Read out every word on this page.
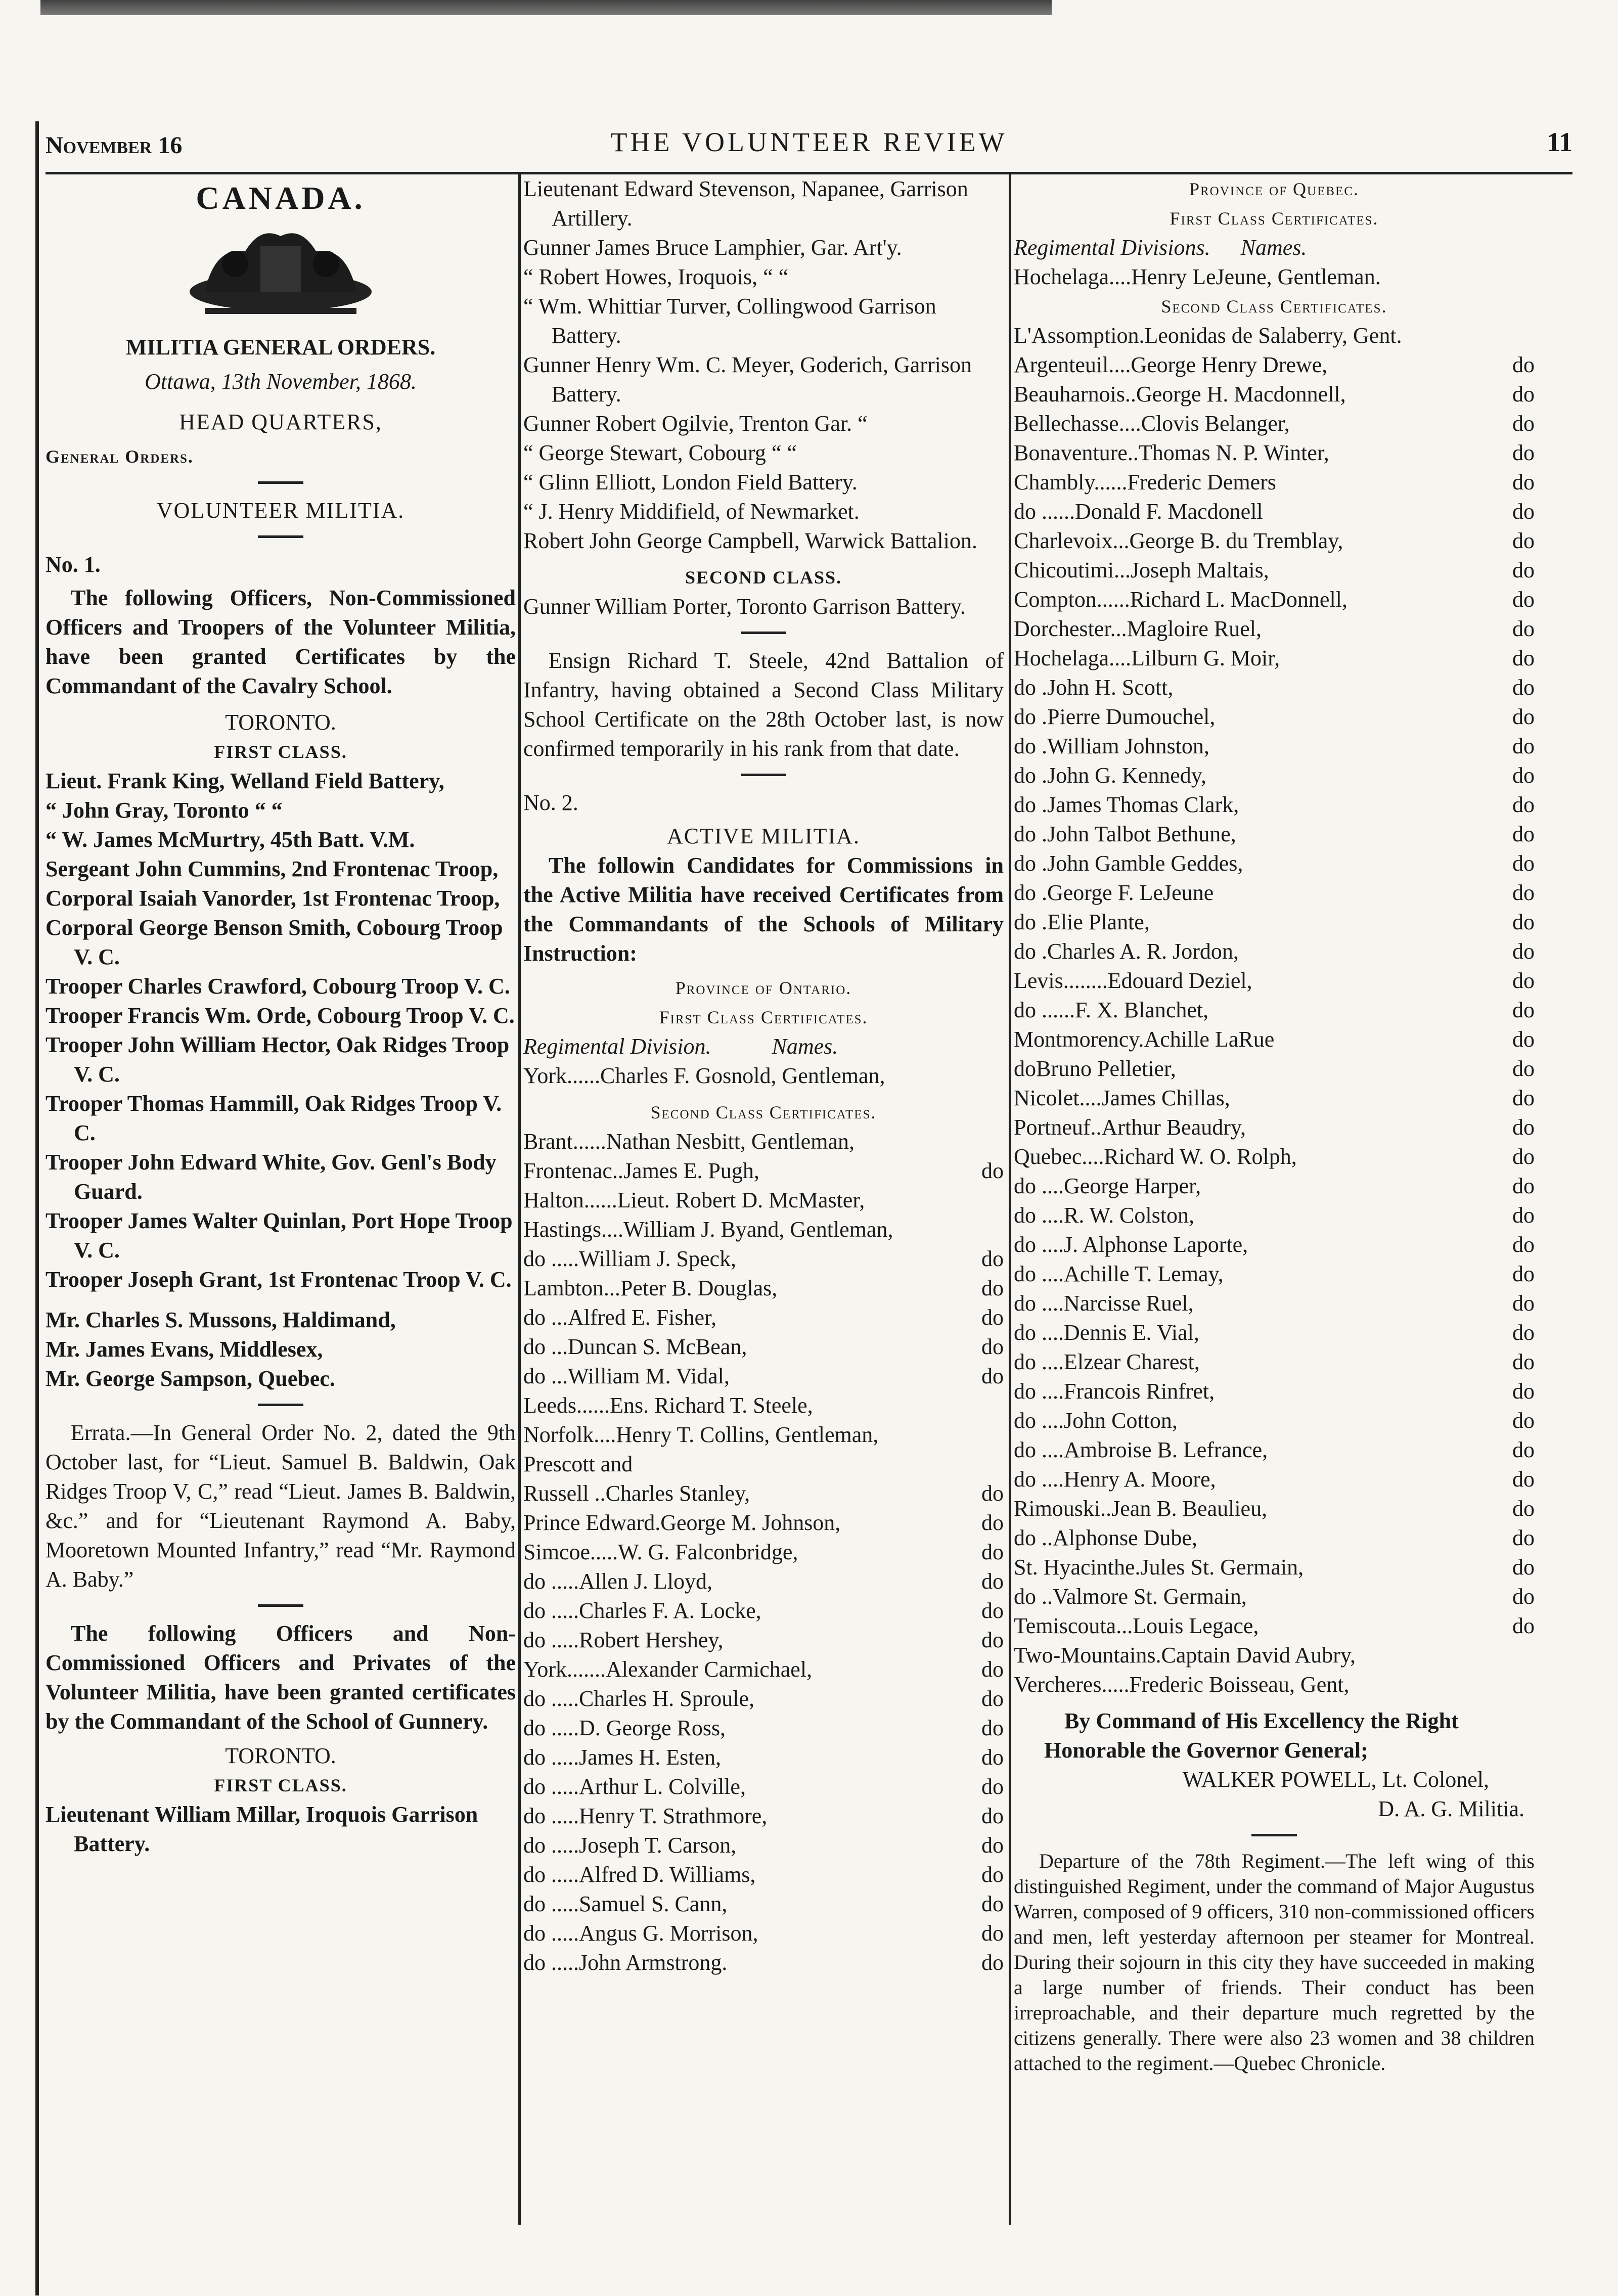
November 16	THE VOLUNTEER REVIEW	11
CANADA.
MILITIA GENERAL ORDERS.
Ottawa, 13th November, 1868.
HEAD QUARTERS,
General Orders.
VOLUNTEER MILITIA.
No. 1.
The following Officers, Non-Commissioned Officers and Troopers of the Volunteer Militia, have been granted Certificates by the Commandant of the Cavalry School.
TORONTO.
FIRST CLASS.
Lieut. Frank King, Welland Field Battery,
“ John Gray, Toronto “ “
“ W. James McMurtry, 45th Batt. V.M.
Sergeant John Cummins, 2nd Frontenac Troop,
Corporal Isaiah Vanorder, 1st Frontenac Troop,
Corporal George Benson Smith, Cobourg Troop V. C.
Trooper Charles Crawford, Cobourg Troop V. C.
Trooper Francis Wm. Orde, Cobourg Troop V. C.
Trooper John William Hector, Oak Ridges Troop V. C.
Trooper Thomas Hammill, Oak Ridges Troop V. C.
Trooper John Edward White, Gov. Genl's Body Guard.
Trooper James Walter Quinlan, Port Hope Troop V. C.
Trooper Joseph Grant, 1st Frontenac Troop V. C.
Mr. Charles S. Mussons, Haldimand,
Mr. James Evans, Middlesex,
Mr. George Sampson, Quebec.
Errata.—In General Order No. 2, dated the 9th October last, for “Lieut. Samuel B. Baldwin, Oak Ridges Troop V, C,” read “Lieut. James B. Baldwin, &c.” and for “Lieutenant Raymond A. Baby, Mooretown Mounted Infantry,” read “Mr. Raymond A. Baby.”
The following Officers and Non-Commissioned Officers and Privates of the Volunteer Militia, have been granted certificates by the Commandant of the School of Gunnery.
TORONTO.
FIRST CLASS.
Lieutenant William Millar, Iroquois Garrison Battery.
Lieutenant Edward Stevenson, Napanee, Garrison Artillery.
Gunner James Bruce Lamphier, Gar. Art'y.
“ Robert Howes, Iroquois, “ “
“ Wm. Whittiar Turver, Collingwood Garrison Battery.
Gunner Henry Wm. C. Meyer, Goderich, Garrison Battery.
Gunner Robert Ogilvie, Trenton Gar. “
“ George Stewart, Cobourg “ “
“ Glinn Elliott, London Field Battery.
“ J. Henry Middifield, of Newmarket.
Robert John George Campbell, Warwick Battalion.
SECOND CLASS.
Gunner William Porter, Toronto Garrison Battery.
Ensign Richard T. Steele, 42nd Battalion of Infantry, having obtained a Second Class Military School Certificate on the 28th October last, is now confirmed temporarily in his rank from that date.
No. 2.
ACTIVE MILITIA.
The followin Candidates for Commissions in the Active Militia have received Certificates from the Commandants of the Schools of Military Instruction:
Province of Ontario.
First Class Certificates.
Regimental Division.	Names.
York...... Charles F. Gosnold, Gentleman,
Second Class Certificates.
Brant...... Nathan Nesbitt, Gentleman,
Frontenac.. James E. Pugh,	do
Halton...... Lieut. Robert D. McMaster,
Hastings.... William J. Byand, Gentleman,
do ..... William J. Speck,	do
Lambton... Peter B. Douglas,	do
do ... Alfred E. Fisher,	do
do ... Duncan S. McBean,	do
do ... William M. Vidal,	do
Leeds...... Ens. Richard T. Steele,
Norfolk.... Henry T. Collins, Gentleman,
Prescott and
Russell .. Charles Stanley,	do
Prince Edward. George M. Johnson,	do
Simcoe..... W. G. Falconbridge,	do
do ..... Allen J. Lloyd,	do
do ..... Charles F. A. Locke,	do
do ..... Robert Hershey,	do
York....... Alexander Carmichael,	do
do ..... Charles H. Sproule,	do
do ..... D. George Ross,	do
do ..... James H. Esten,	do
do ..... Arthur L. Colville,	do
do ..... Henry T. Strathmore,	do
do ..... Joseph T. Carson,	do
do ..... Alfred D. Williams,	do
do ..... Samuel S. Cann,	do
do ..... Angus G. Morrison,	do
do ..... John Armstrong.	do
Province of Quebec.
First Class Certificates.
Regimental Divisions.	Names.
Hochelaga.... Henry LeJeune, Gentleman.
Second Class Certificates.
L'Assomption. Leonidas de Salaberry, Gent.
Argenteuil.... George Henry Drewe,	do
Beauharnois.. George H. Macdonnell,	do
Bellechasse.... Clovis Belanger,	do
Bonaventure.. Thomas N. P. Winter,	do
Chambly...... Frederic Demers	do
do ...... Donald F. Macdonell	do
Charlevoix... George B. du Tremblay,	do
Chicoutimi... Joseph Maltais,	do
Compton...... Richard L. MacDonnell,	do
Dorchester... Magloire Ruel,	do
Hochelaga.... Lilburn G. Moir,	do
do . John H. Scott,	do
do . Pierre Dumouchel,	do
do . William Johnston,	do
do . John G. Kennedy,	do
do . James Thomas Clark,	do
do . John Talbot Bethune,	do
do . John Gamble Geddes,	do
do . George F. LeJeune	do
do . Elie Plante,	do
do . Charles A. R. Jordon,	do
Levis........ Edouard Deziel,	do
do ...... F. X. Blanchet,	do
Montmorency. Achille LaRue	do
do Bruno Pelletier,	do
Nicolet.... James Chillas,	do
Portneuf.. Arthur Beaudry,	do
Quebec.... Richard W. O. Rolph,	do
do .... George Harper,	do
do .... R. W. Colston,	do
do .... J. Alphonse Laporte,	do
do .... Achille T. Lemay,	do
do .... Narcisse Ruel,	do
do .... Dennis E. Vial,	do
do .... Elzear Charest,	do
do .... Francois Rinfret,	do
do .... John Cotton,	do
do .... Ambroise B. Lefrance,	do
do .... Henry A. Moore,	do
Rimouski.. Jean B. Beaulieu,	do
do .. Alphonse Dube,	do
St. Hyacinthe. Jules St. Germain,	do
do .. Valmore St. Germain,	do
Temiscouta... Louis Legace,	do
Two-Mountains. Captain David Aubry,
Vercheres..... Frederic Boisseau, Gent,
By Command of His Excellency the Right Honorable the Governor General;
WALKER POWELL, Lt. Colonel,
D. A. G. Militia.
Departure of the 78th Regiment.—The left wing of this distinguished Regiment, under the command of Major Augustus Warren, composed of 9 officers, 310 non-commissioned officers and men, left yesterday afternoon per steamer for Montreal. During their sojourn in this city they have succeeded in making a large number of friends. Their conduct has been irreproachable, and their departure much regretted by the citizens generally. There were also 23 women and 38 children attached to the regiment.—Quebec Chronicle.
